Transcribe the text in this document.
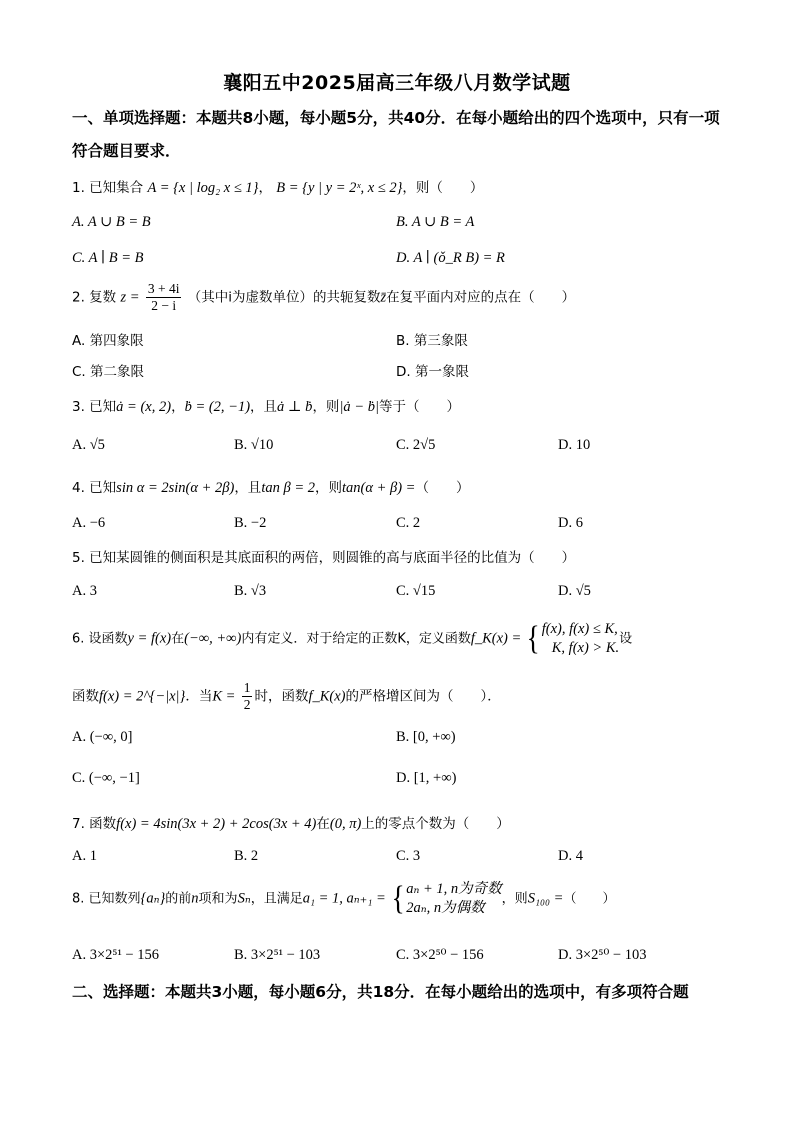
襄阳五中2025届高三年级八月数学试题
一、单项选择题：本题共8小题，每小题5分，共40分．在每小题给出的四个选项中，只有一项符合题目要求．
1. 已知集合 A = {x | log₂ x ≤ 1}， B = {y | y = 2ˣ, x ≤ 2}，则（　　）
A. A ∪ B = B	B. A ∪ B = A
C. A ∣ B = B	D. A ∣ (ǒ_R B) = R
2. 复数 $z = \frac{3 + 4i}{2 - i}$ （其中i为虚数单位）的共轭复数z̄在复平面内对应的点在（　　）
A. 第四象限	B. 第三象限
C. 第二象限	D. 第一象限
3. 已知ȧ = (x, 2)，ḃ = (2, −1)，且ȧ ⊥ ḃ，则|ȧ − ḃ|等于（　　）
A. √5	B. √10	C. 2√5	D. 10
4. 已知sin α = 2sin(α + 2β)，且tan β = 2，则tan(α + β) =（　　）
A. −6	B. −2	C. 2	D. 6
5. 已知某圆锥的侧面积是其底面积的两倍，则圆锥的高与底面半径的比值为（　　）
A. 3	B. √3	C. √15	D. √5
6. 设函数y = f(x)在(−∞, +∞)内有定义．对于给定的正数K，定义函数f_K(x) = { f(x), f(x) ≤ K,
K, f(x) > K.
设
函数f(x) = 2^{−|x|}．当$K = \frac{1}{2}$ 时，函数f_K(x)的严格增区间为（　　）．
A. (−∞, 0]	B. [0, +∞)
C. (−∞, −1]	D. [1, +∞)
7. 函数f(x) = 4sin(3x + 2) + 2cos(3x + 4)在(0, π)上的零点个数为（　　）
A. 1	B. 2	C. 3	D. 4
8. 已知数列{aₙ}的前n项和为Sₙ，且满足a₁ = 1, aₙ₊₁ = { aₙ + 1, n为奇数
2aₙ, n为偶数
，则S₁₀₀ =（　　）
A. 3×2⁵¹ − 156	B. 3×2⁵¹ − 103	C. 3×2⁵⁰ − 156	D. 3×2⁵⁰ − 103
二、选择题：本题共3小题，每小题6分，共18分．在每小题给出的选项中，有多项符合题
